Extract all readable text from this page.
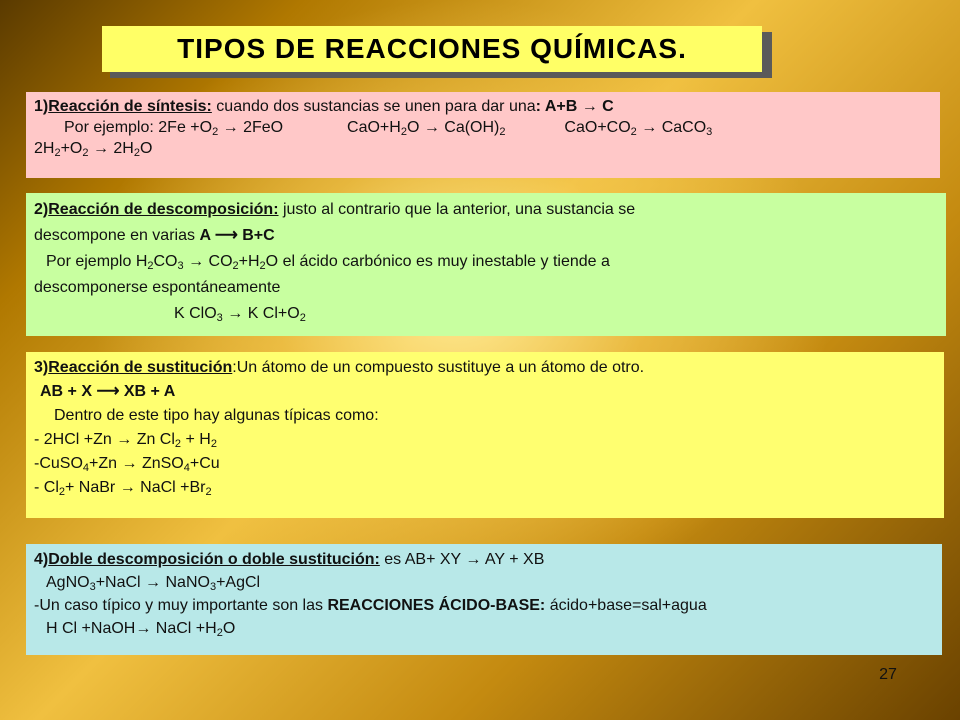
TIPOS DE REACCIONES QUÍMICAS.
1)Reacción de síntesis: cuando dos sustancias se unen para dar una: A+B → C
Por ejemplo: $2Fe +O_2 \to 2FeO$	$CaO+H_2O \to Ca(OH)_2$	$CaO+CO_2$ → CaCO$_3$
$2H_2+O_2 \to 2H_2O$
2)Reacción de descomposición: justo al contrario que la anterior, una sustancia se
descompone en varias A ⟶ B+C
Por ejemplo $H_2CO_3 \to CO_2+H_2O$ el ácido carbónico es muy inestable y tiende a
descomponerse espontáneamente
K ClO$_3$ → K $Cl+O_2$
3)Reacción de sustitución:Un átomo de un compuesto sustituye a un átomo de otro.
AB + X ⟶ XB + A
Dentro de este tipo hay algunas típicas como:
- 2HCl +Zn → Zn $Cl_2 + H_2$
-CuSO$_4$+Zn → ZnSO$_4$+Cu
- $Cl_2+$ NaBr → NaCl $+Br_2$
4)Doble descomposición o doble sustitución: es AB+ XY → AY + XB
AgNO$_3$+NaCl → NaNO$_3$+AgCl
-Un caso típico y muy importante son las REACCIONES ÁCIDO-BASE: ácido+base=sal+agua
H Cl +NaOH→ NaCl $+H_2O$
27
